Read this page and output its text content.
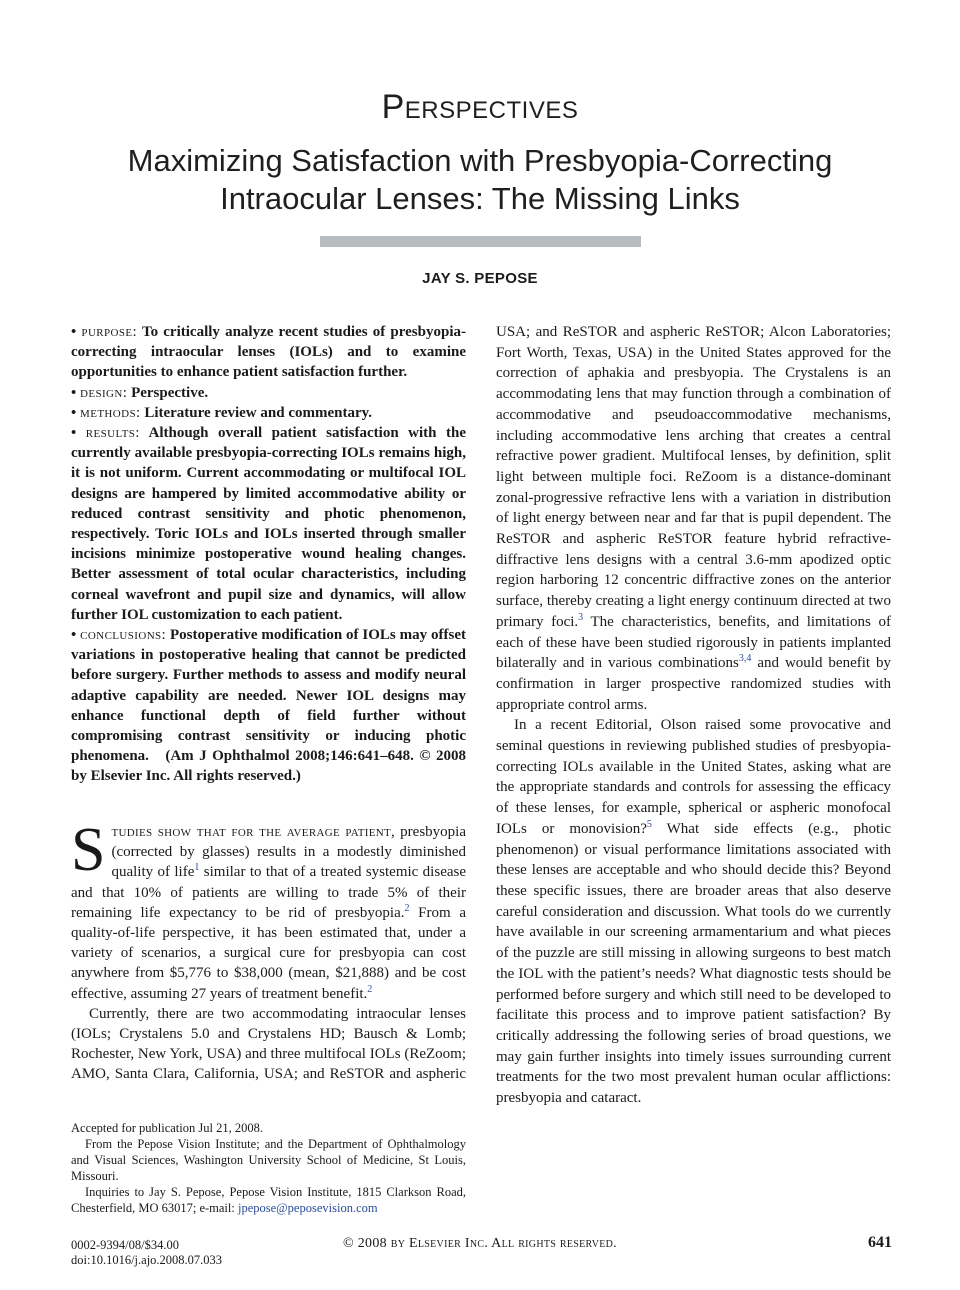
Perspectives
Maximizing Satisfaction with Presbyopia-Correcting Intraocular Lenses: The Missing Links
JAY S. PEPOSE

• purpose: To critically analyze recent studies of presbyopia-correcting intraocular lenses (IOLs) and to examine opportunities to enhance patient satisfaction further.

• design: Perspective.

• methods: Literature review and commentary.

• results: Although overall patient satisfaction with the currently available presbyopia-correcting IOLs remains high, it is not uniform. Current accommodating or multifocal IOL designs are hampered by limited accommodative ability or reduced contrast sensitivity and photic phenomenon, respectively. Toric IOLs and IOLs inserted through smaller incisions minimize postoperative wound healing changes. Better assessment of total ocular characteristics, including corneal wavefront and pupil size and dynamics, will allow further IOL customization to each patient.

• conclusions: Postoperative modification of IOLs may offset variations in postoperative healing that cannot be predicted before surgery. Further methods to assess and modify neural adaptive capability are needed. Newer IOL designs may enhance functional depth of field further without compromising contrast sensitivity or inducing photic phenomena. (Am J Ophthalmol 2008;146:641–648. © 2008 by Elsevier Inc. All rights reserved.)

Studies show that for the average patient, presbyopia (corrected by glasses) results in a modestly diminished quality of life$^1$ similar to that of a treated systemic disease and that 10% of patients are willing to trade 5% of their remaining life expectancy to be rid of presbyopia.$^2$ From a quality-of-life perspective, it has been estimated that, under a variety of scenarios, a surgical cure for presbyopia can cost anywhere from $5,776 to $38,000 (mean, $21,888) and be cost effective, assuming 27 years of treatment benefit.$^2$

Currently, there are two accommodating intraocular lenses (IOLs; Crystalens 5.0 and Crystalens HD; Bausch & Lomb; Rochester, New York, USA) and three multifocal IOLs (ReZoom; AMO, Santa Clara, California, USA; and ReSTOR and aspheric

Accepted for publication Jul 21, 2008.

From the Pepose Vision Institute; and the Department of Ophthalmology and Visual Sciences, Washington University School of Medicine, St Louis, Missouri.

Inquiries to Jay S. Pepose, Pepose Vision Institute, 1815 Clarkson Road, Chesterfield, MO 63017; e-mail: jpepose@peposevision.com

USA; and ReSTOR and aspheric ReSTOR; Alcon Laboratories; Fort Worth, Texas, USA) in the United States approved for the correction of aphakia and presbyopia. The Crystalens is an accommodating lens that may function through a combination of accommodative and pseudoaccommodative mechanisms, including accommodative lens arching that creates a central refractive power gradient. Multifocal lenses, by definition, split light between multiple foci. ReZoom is a distance-dominant zonal-progressive refractive lens with a variation in distribution of light energy between near and far that is pupil dependent. The ReSTOR and aspheric ReSTOR feature hybrid refractive-diffractive lens designs with a central 3.6-mm apodized optic region harboring 12 concentric diffractive zones on the anterior surface, thereby creating a light energy continuum directed at two primary foci.$^3$ The characteristics, benefits, and limitations of each of these have been studied rigorously in patients implanted bilaterally and in various combinations$^{3,4}$ and would benefit by confirmation in larger prospective randomized studies with appropriate control arms.

In a recent Editorial, Olson raised some provocative and seminal questions in reviewing published studies of presbyopia-correcting IOLs available in the United States, asking what are the appropriate standards and controls for assessing the efficacy of these lenses, for example, spherical or aspheric monofocal IOLs or monovision?$^5$ What side effects (e.g., photic phenomenon) or visual performance limitations associated with these lenses are acceptable and who should decide this? Beyond these specific issues, there are broader areas that also deserve careful consideration and discussion. What tools do we currently have available in our screening armamentarium and what pieces of the puzzle are still missing in allowing surgeons to best match the IOL with the patient’s needs? What diagnostic tests should be performed before surgery and which still need to be developed to facilitate this process and to improve patient satisfaction? By critically addressing the following series of broad questions, we may gain further insights into timely issues surrounding current treatments for the two most prevalent human ocular afflictions: presbyopia and cataract.

0002-9394/08/$34.00
doi:10.1016/j.ajo.2008.07.033
© 2008 by Elsevier Inc. All rights reserved.	641
